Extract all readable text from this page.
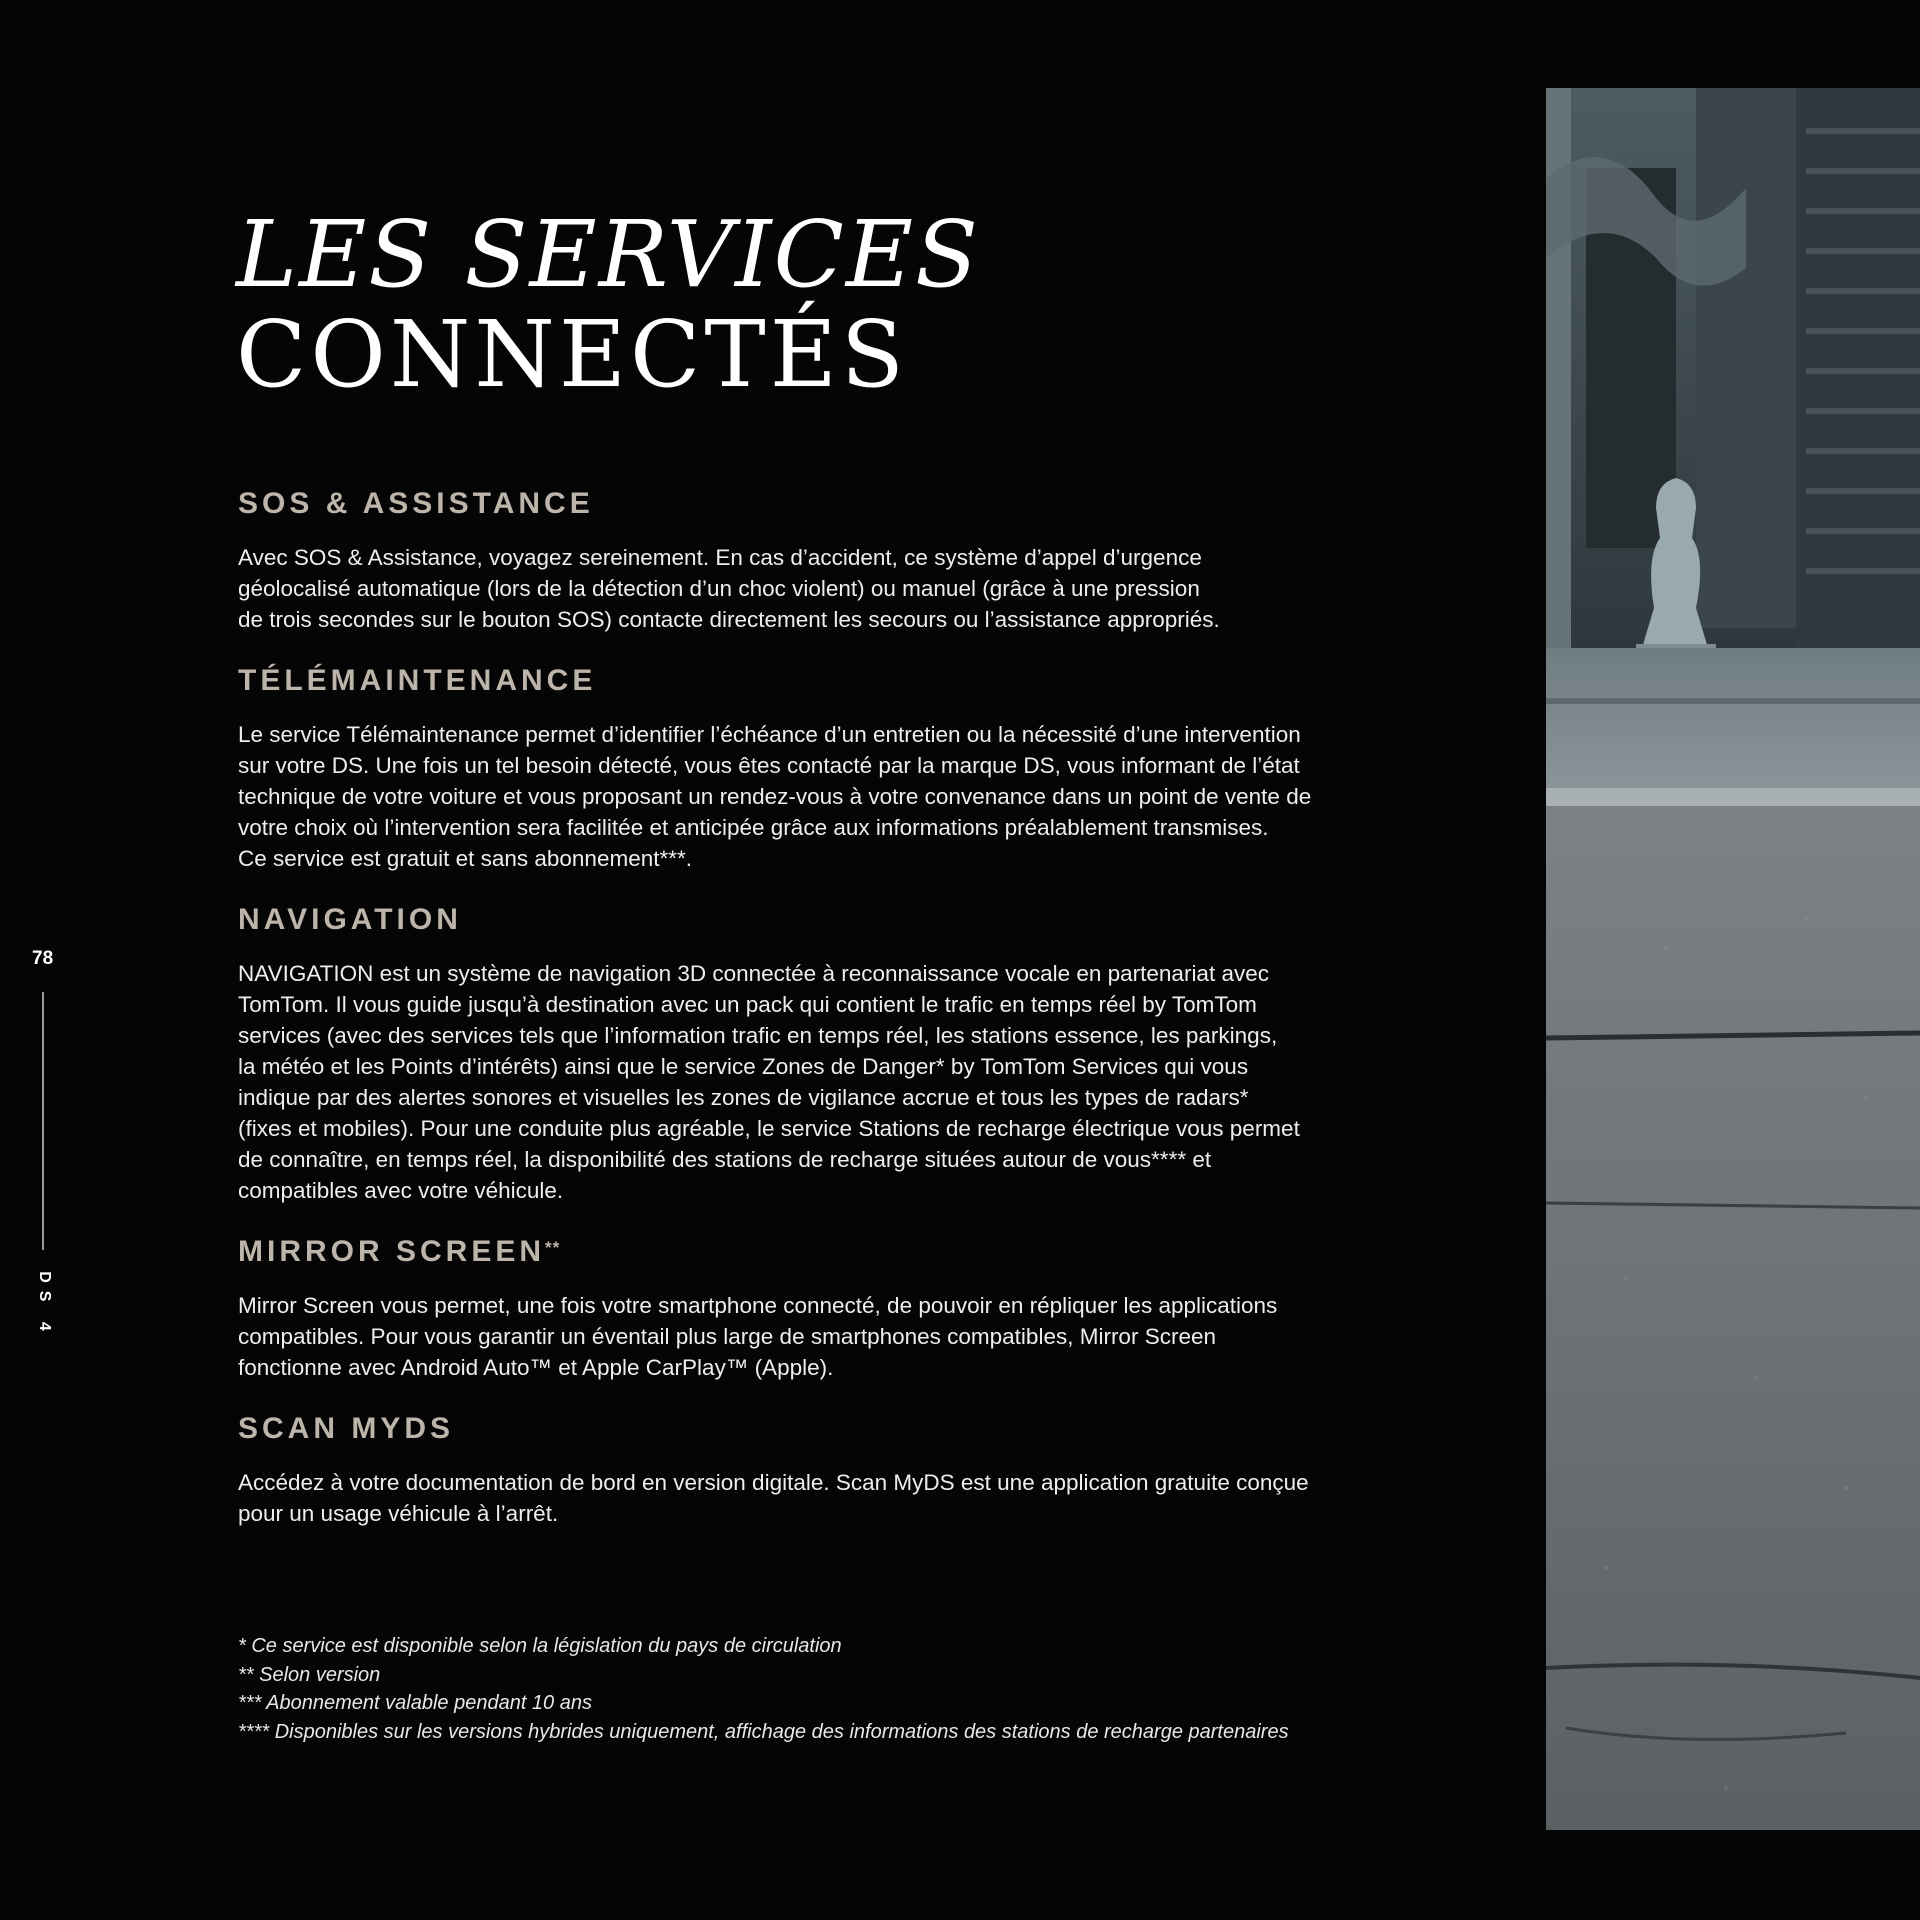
LES SERVICES
CONNECTÉS
SOS & ASSISTANCE

Avec SOS & Assistance, voyagez sereinement. En cas d’accident, ce système d’appel d’urgence
géolocalisé automatique (lors de la détection d’un choc violent) ou manuel (grâce à une pression
de trois secondes sur le bouton SOS) contacte directement les secours ou l’assistance appropriés.

TÉLÉMAINTENANCE

Le service Télémaintenance permet d’identifier l’échéance d’un entretien ou la nécessité d’une intervention
sur votre DS. Une fois un tel besoin détecté, vous êtes contacté par la marque DS, vous informant de l’état
technique de votre voiture et vous proposant un rendez-vous à votre convenance dans un point de vente de
votre choix où l’intervention sera facilitée et anticipée grâce aux informations préalablement transmises.
Ce service est gratuit et sans abonnement***.

NAVIGATION

NAVIGATION est un système de navigation 3D connectée à reconnaissance vocale en partenariat avec
TomTom. Il vous guide jusqu’à destination avec un pack qui contient le trafic en temps réel by TomTom
services (avec des services tels que l’information trafic en temps réel, les stations essence, les parkings,
la météo et les Points d’intérêts) ainsi que le service Zones de Danger* by TomTom Services qui vous
indique par des alertes sonores et visuelles les zones de vigilance accrue et tous les types de radars*
(fixes et mobiles). Pour une conduite plus agréable, le service Stations de recharge électrique vous permet
de connaître, en temps réel, la disponibilité des stations de recharge situées autour de vous**** et
compatibles avec votre véhicule.

MIRROR SCREEN**

Mirror Screen vous permet, une fois votre smartphone connecté, de pouvoir en répliquer les applications
compatibles. Pour vous garantir un éventail plus large de smartphones compatibles, Mirror Screen
fonctionne avec Android Auto™ et Apple CarPlay™ (Apple).

SCAN MYDS

Accédez à votre documentation de bord en version digitale. Scan MyDS est une application gratuite conçue
pour un usage véhicule à l’arrêt.

* Ce service est disponible selon la législation du pays de circulation

** Selon version

*** Abonnement valable pendant 10 ans

**** Disponibles sur les versions hybrides uniquement, affichage des informations des stations de recharge partenaires

78
DS 4
